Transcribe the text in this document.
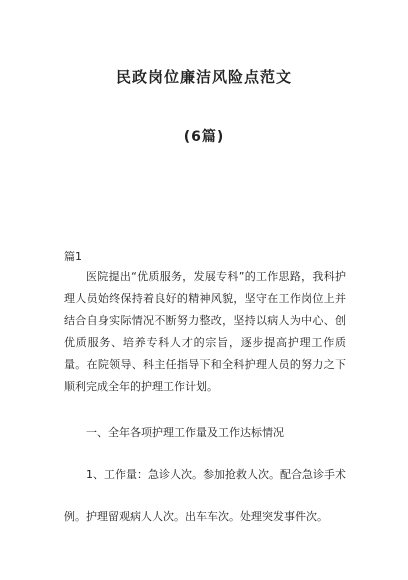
民政岗位廉洁风险点范文
(6篇)
篇1

医院提出“优质服务，发展专科”的工作思路，我科护理人员始终保持着良好的精神风貌，坚守在工作岗位上并结合自身实际情况不断努力整改，坚持以病人为中心、创优质服务、培养专科人才的宗旨，逐步提高护理工作质量。在院领导、科主任指导下和全科护理人员的努力之下顺利完成全年的护理工作计划。

一、全年各项护理工作量及工作达标情况
1、工作量：急诊人次。参加抢救人次。配合急诊手术
例。护理留观病人人次。出车车次。处理突发事件次。
